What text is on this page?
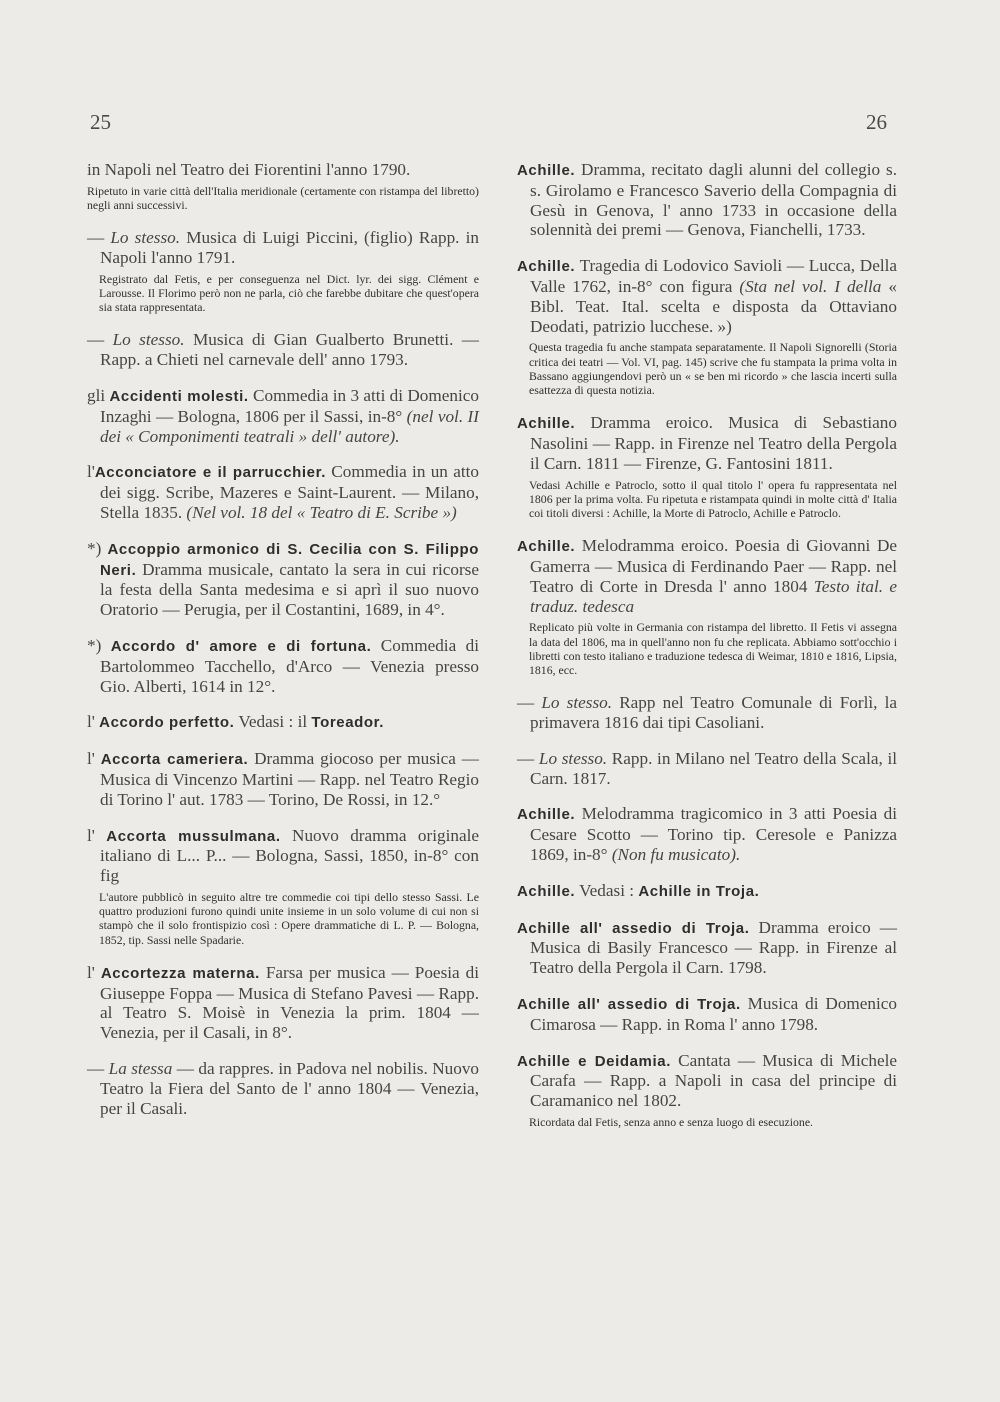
25	26
in Napoli nel Teatro dei Fiorentini l'anno 1790.
Ripetuto in varie città dell'Italia meridionale (certamente con ristampa del libretto) negli anni successivi.
— Lo stesso. Musica di Luigi Piccini, (figlio) Rapp. in Napoli l'anno 1791.
Registrato dal Fetis, e per conseguenza nel Dict. lyr. dei sigg. Clément e Larousse. Il Florimo però non ne parla, ciò che farebbe dubitare che quest'opera sia stata rappresentata.
— Lo stesso. Musica di Gian Gualberto Brunetti. — Rapp. a Chieti nel carnevale dell' anno 1793.
gli Accidenti molesti. Commedia in 3 atti di Domenico Inzaghi — Bologna, 1806 per il Sassi, in-8° (nel vol. II dei « Componimenti teatrali » dell' autore).
l'Acconciatore e il parrucchier. Commedia in un atto dei sigg. Scribe, Mazeres e Saint-Laurent. — Milano, Stella 1835. (Nel vol. 18 del « Teatro di E. Scribe »)
*) Accoppio armonico di S. Cecilia con S. Filippo Neri. Dramma musicale, cantato la sera in cui ricorse la festa della Santa medesima e si aprì il suo nuovo Oratorio — Perugia, per il Costantini, 1689, in 4°.
*) Accordo d' amore e di fortuna. Commedia di Bartolommeo Tacchello, d'Arco — Venezia presso Gio. Alberti, 1614 in 12°.
l' Accordo perfetto. Vedasi : il Toreador.
l' Accorta cameriera. Dramma giocoso per musica — Musica di Vincenzo Martini — Rapp. nel Teatro Regio di Torino l' aut. 1783 — Torino, De Rossi, in 12.°
l' Accorta mussulmana. Nuovo dramma originale italiano di L... P... — Bologna, Sassi, 1850, in-8° con fig
L'autore pubblicò in seguito altre tre commedie coi tipi dello stesso Sassi. Le quattro produzioni furono quindi unite insieme in un solo volume di cui non si stampò che il solo frontispizio così : Opere drammatiche di L. P. — Bologna, 1852, tip. Sassi nelle Spadarie.
l' Accortezza materna. Farsa per musica — Poesia di Giuseppe Foppa — Musica di Stefano Pavesi — Rapp. al Teatro S. Moisè in Venezia la prim. 1804 — Venezia, per il Casali, in 8°.
— La stessa — da rappres. in Padova nel nobilis. Nuovo Teatro la Fiera del Santo de l' anno 1804 — Venezia, per il Casali.
Achille. Dramma, recitato dagli alunni del collegio s. s. Girolamo e Francesco Saverio della Compagnia di Gesù in Genova, l' anno 1733 in occasione della solennità dei premi — Genova, Fianchelli, 1733.
Achille. Tragedia di Lodovico Savioli — Lucca, Della Valle 1762, in-8° con figura (Sta nel vol. I della « Bibl. Teat. Ital. scelta e disposta da Ottaviano Deodati, patrizio lucchese. »)
Questa tragedia fu anche stampata separatamente. Il Napoli Signorelli (Storia critica dei teatri — Vol. VI, pag. 145) scrive che fu stampata la prima volta in Bassano aggiungendovi però un « se ben mi ricordo » che lascia incerti sulla esattezza di questa notizia.
Achille. Dramma eroico. Musica di Sebastiano Nasolini — Rapp. in Firenze nel Teatro della Pergola il Carn. 1811 — Firenze, G. Fantosini 1811.
Vedasi Achille e Patroclo, sotto il qual titolo l' opera fu rappresentata nel 1806 per la prima volta. Fu ripetuta e ristampata quindi in molte città d' Italia coi titoli diversi : Achille, la Morte di Patroclo, Achille e Patroclo.
Achille. Melodramma eroico. Poesia di Giovanni De Gamerra — Musica di Ferdinando Paer — Rapp. nel Teatro di Corte in Dresda l' anno 1804 Testo ital. e traduz. tedesca
Replicato più volte in Germania con ristampa del libretto. Il Fetis vi assegna la data del 1806, ma in quell'anno non fu che replicata. Abbiamo sott'occhio i libretti con testo italiano e traduzione tedesca di Weimar, 1810 e 1816, Lipsia, 1816, ecc.
— Lo stesso. Rapp nel Teatro Comunale di Forlì, la primavera 1816 dai tipi Casoliani.
— Lo stesso. Rapp. in Milano nel Teatro della Scala, il Carn. 1817.
Achille. Melodramma tragicomico in 3 atti Poesia di Cesare Scotto — Torino tip. Ceresole e Panizza 1869, in-8° (Non fu musicato).
Achille. Vedasi : Achille in Troja.
Achille all' assedio di Troja. Dramma eroico — Musica di Basily Francesco — Rapp. in Firenze al Teatro della Pergola il Carn. 1798.
Achille all' assedio di Troja. Musica di Domenico Cimarosa — Rapp. in Roma l' anno 1798.
Achille e Deidamia. Cantata — Musica di Michele Carafa — Rapp. a Napoli in casa del principe di Caramanico nel 1802.
Ricordata dal Fetis, senza anno e senza luogo di esecuzione.
